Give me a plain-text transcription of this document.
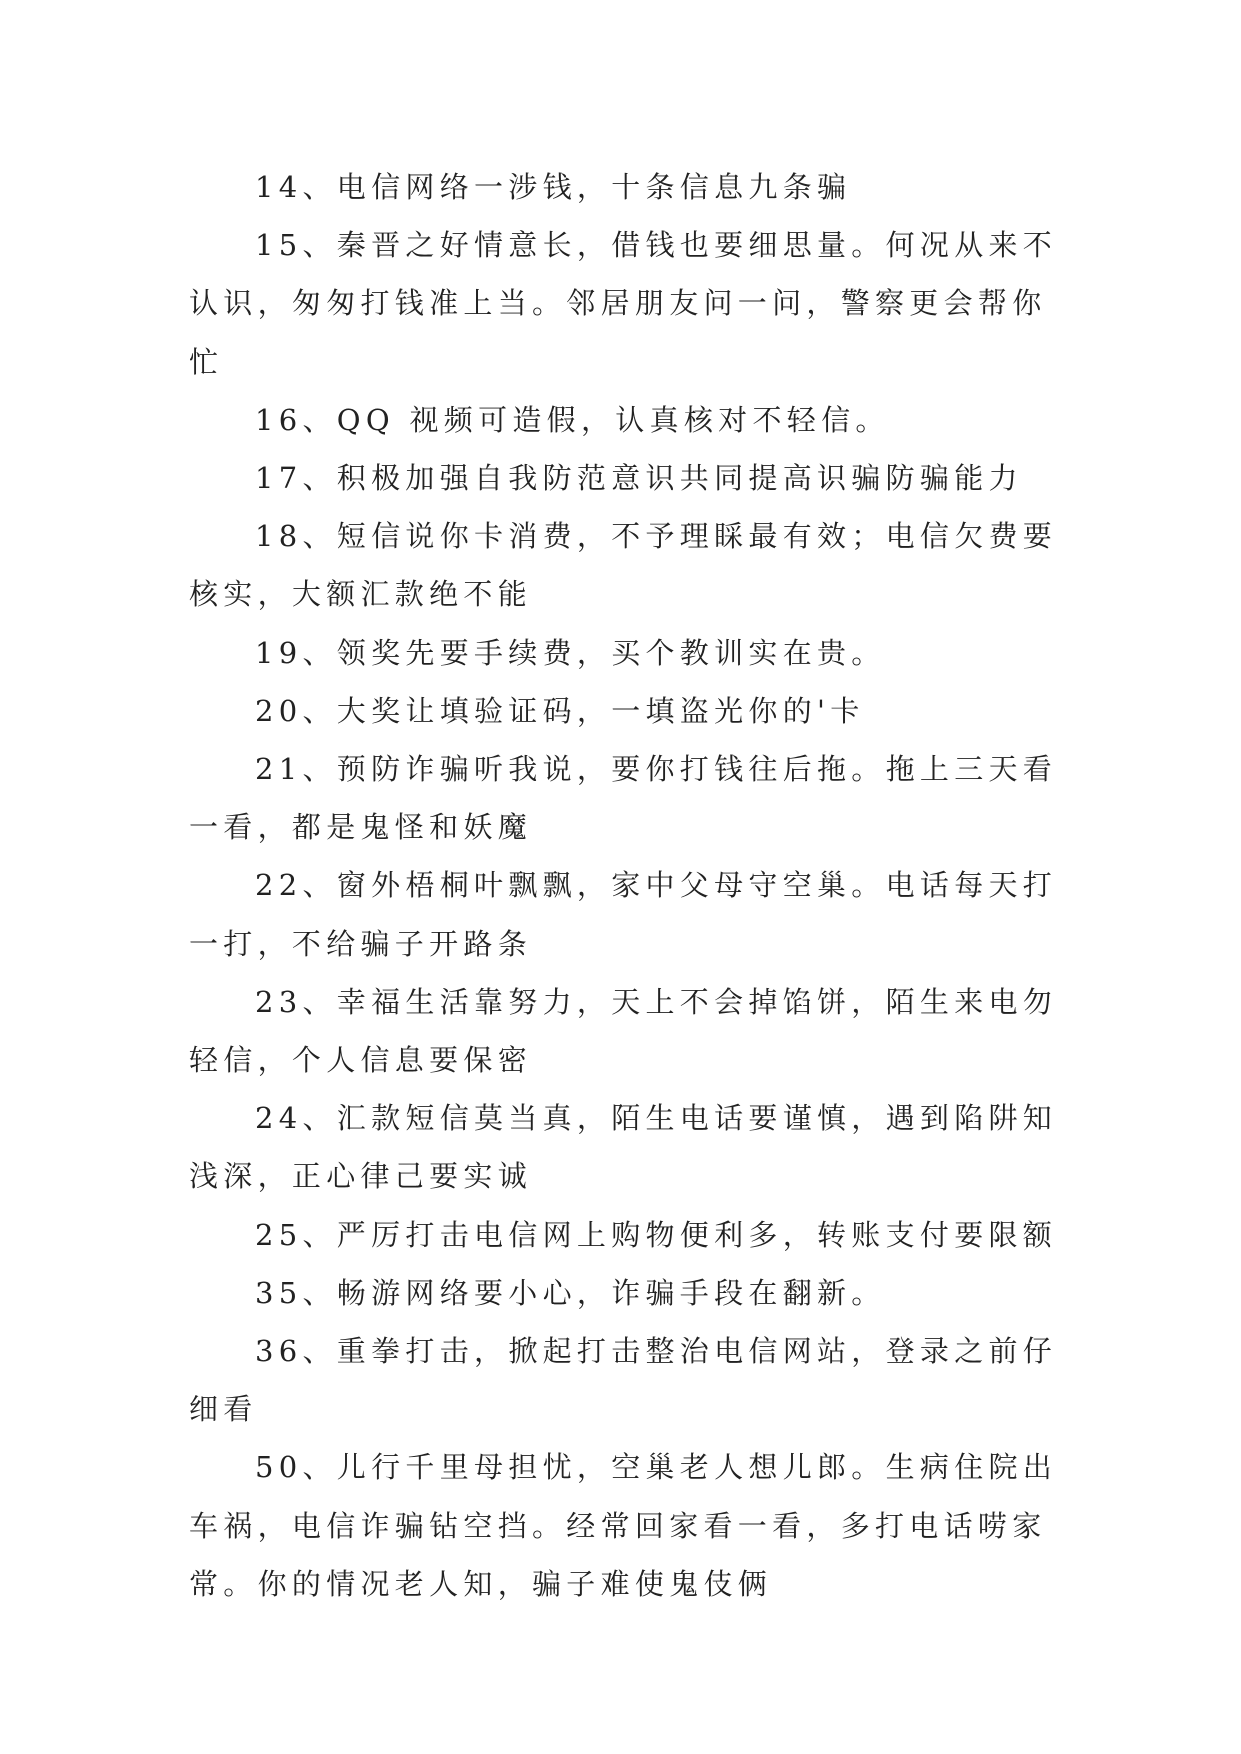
14、电信网络一涉钱，十条信息九条骗

15、秦晋之好情意长，借钱也要细思量。何况从来不认识，匆匆打钱准上当。邻居朋友问一问，警察更会帮你忙

16、QQ 视频可造假，认真核对不轻信。

17、积极加强自我防范意识共同提高识骗防骗能力

18、短信说你卡消费，不予理睬最有效；电信欠费要核实，大额汇款绝不能

19、领奖先要手续费，买个教训实在贵。

20、大奖让填验证码，一填盗光你的'卡

21、预防诈骗听我说，要你打钱往后拖。拖上三天看一看，都是鬼怪和妖魔

22、窗外梧桐叶飘飘，家中父母守空巢。电话每天打一打，不给骗子开路条

23、幸福生活靠努力，天上不会掉馅饼，陌生来电勿轻信，个人信息要保密

24、汇款短信莫当真，陌生电话要谨慎，遇到陷阱知浅深，正心律己要实诚

25、严厉打击电信网上购物便利多，转账支付要限额

35、畅游网络要小心，诈骗手段在翻新。

36、重拳打击，掀起打击整治电信网站，登录之前仔细看

50、儿行千里母担忧，空巢老人想儿郎。生病住院出车祸，电信诈骗钻空挡。经常回家看一看，多打电话唠家常。你的情况老人知，骗子难使鬼伎俩
